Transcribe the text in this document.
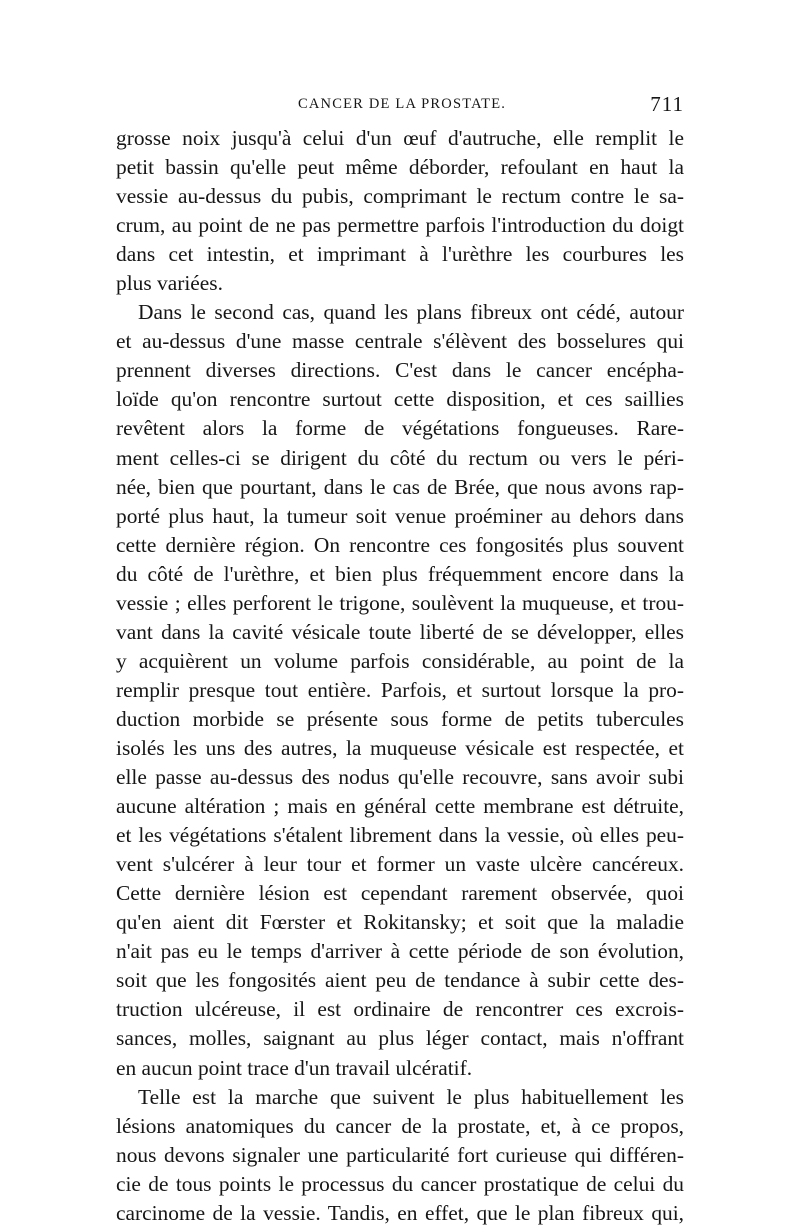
CANCER DE LA PROSTATE.	711
grosse noix jusqu'à celui d'un œuf d'autruche, elle remplit le
petit bassin qu'elle peut même déborder, refoulant en haut la
vessie au-dessus du pubis, comprimant le rectum contre le sa-
crum, au point de ne pas permettre parfois l'introduction du doigt
dans cet intestin, et imprimant à l'urèthre les courbures les
plus variées.
Dans le second cas, quand les plans fibreux ont cédé, autour
et au-dessus d'une masse centrale s'élèvent des bosselures qui
prennent diverses directions. C'est dans le cancer encépha-
loïde qu'on rencontre surtout cette disposition, et ces saillies
revêtent alors la forme de végétations fongueuses. Rare-
ment celles-ci se dirigent du côté du rectum ou vers le péri-
née, bien que pourtant, dans le cas de Brée, que nous avons rap-
porté plus haut, la tumeur soit venue proéminer au dehors dans
cette dernière région. On rencontre ces fongosités plus souvent
du côté de l'urèthre, et bien plus fréquemment encore dans la
vessie ; elles perforent le trigone, soulèvent la muqueuse, et trou-
vant dans la cavité vésicale toute liberté de se développer, elles
y acquièrent un volume parfois considérable, au point de la
remplir presque tout entière. Parfois, et surtout lorsque la pro-
duction morbide se présente sous forme de petits tubercules
isolés les uns des autres, la muqueuse vésicale est respectée, et
elle passe au-dessus des nodus qu'elle recouvre, sans avoir subi
aucune altération ; mais en général cette membrane est détruite,
et les végétations s'étalent librement dans la vessie, où elles peu-
vent s'ulcérer à leur tour et former un vaste ulcère cancéreux.
Cette dernière lésion est cependant rarement observée, quoi
qu'en aient dit Fœrster et Rokitansky; et soit que la maladie
n'ait pas eu le temps d'arriver à cette période de son évolution,
soit que les fongosités aient peu de tendance à subir cette des-
truction ulcéreuse, il est ordinaire de rencontrer ces excrois-
sances, molles, saignant au plus léger contact, mais n'offrant
en aucun point trace d'un travail ulcératif.
Telle est la marche que suivent le plus habituellement les
lésions anatomiques du cancer de la prostate, et, à ce propos,
nous devons signaler une particularité fort curieuse qui différen-
cie de tous points le processus du cancer prostatique de celui du
carcinome de la vessie. Tandis, en effet, que le plan fibreux qui,
